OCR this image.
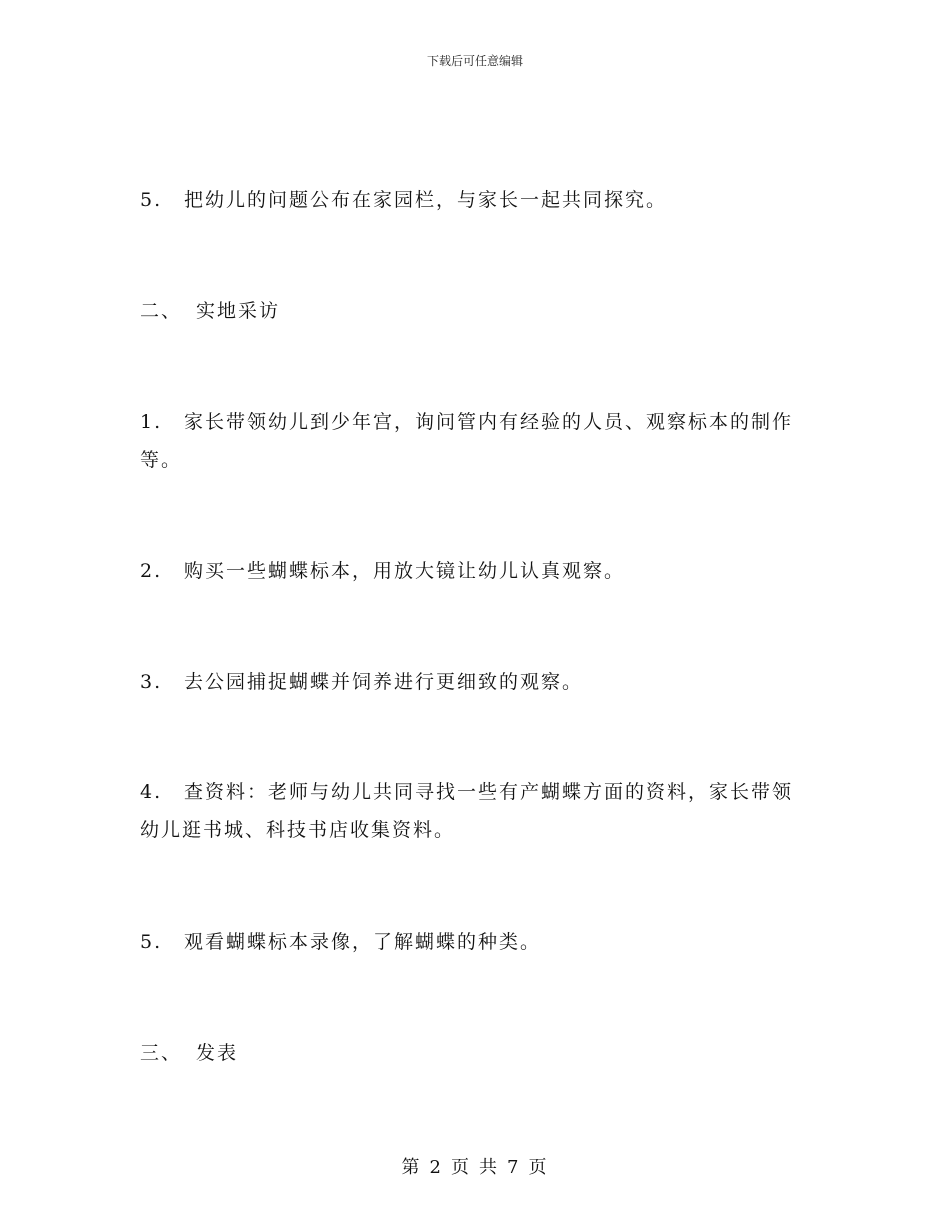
下载后可任意编辑
5. 把幼儿的问题公布在家园栏，与家长一起共同探究。
二、 实地采访
1. 家长带领幼儿到少年宫，询问管内有经验的人员、观察标本的制作等。
2. 购买一些蝴蝶标本，用放大镜让幼儿认真观察。
3. 去公园捕捉蝴蝶并饲养进行更细致的观察。
4. 查资料：老师与幼儿共同寻找一些有产蝴蝶方面的资料，家长带领幼儿逛书城、科技书店收集资料。
5. 观看蝴蝶标本录像，了解蝴蝶的种类。
三、 发表
第 2 页 共 7 页
